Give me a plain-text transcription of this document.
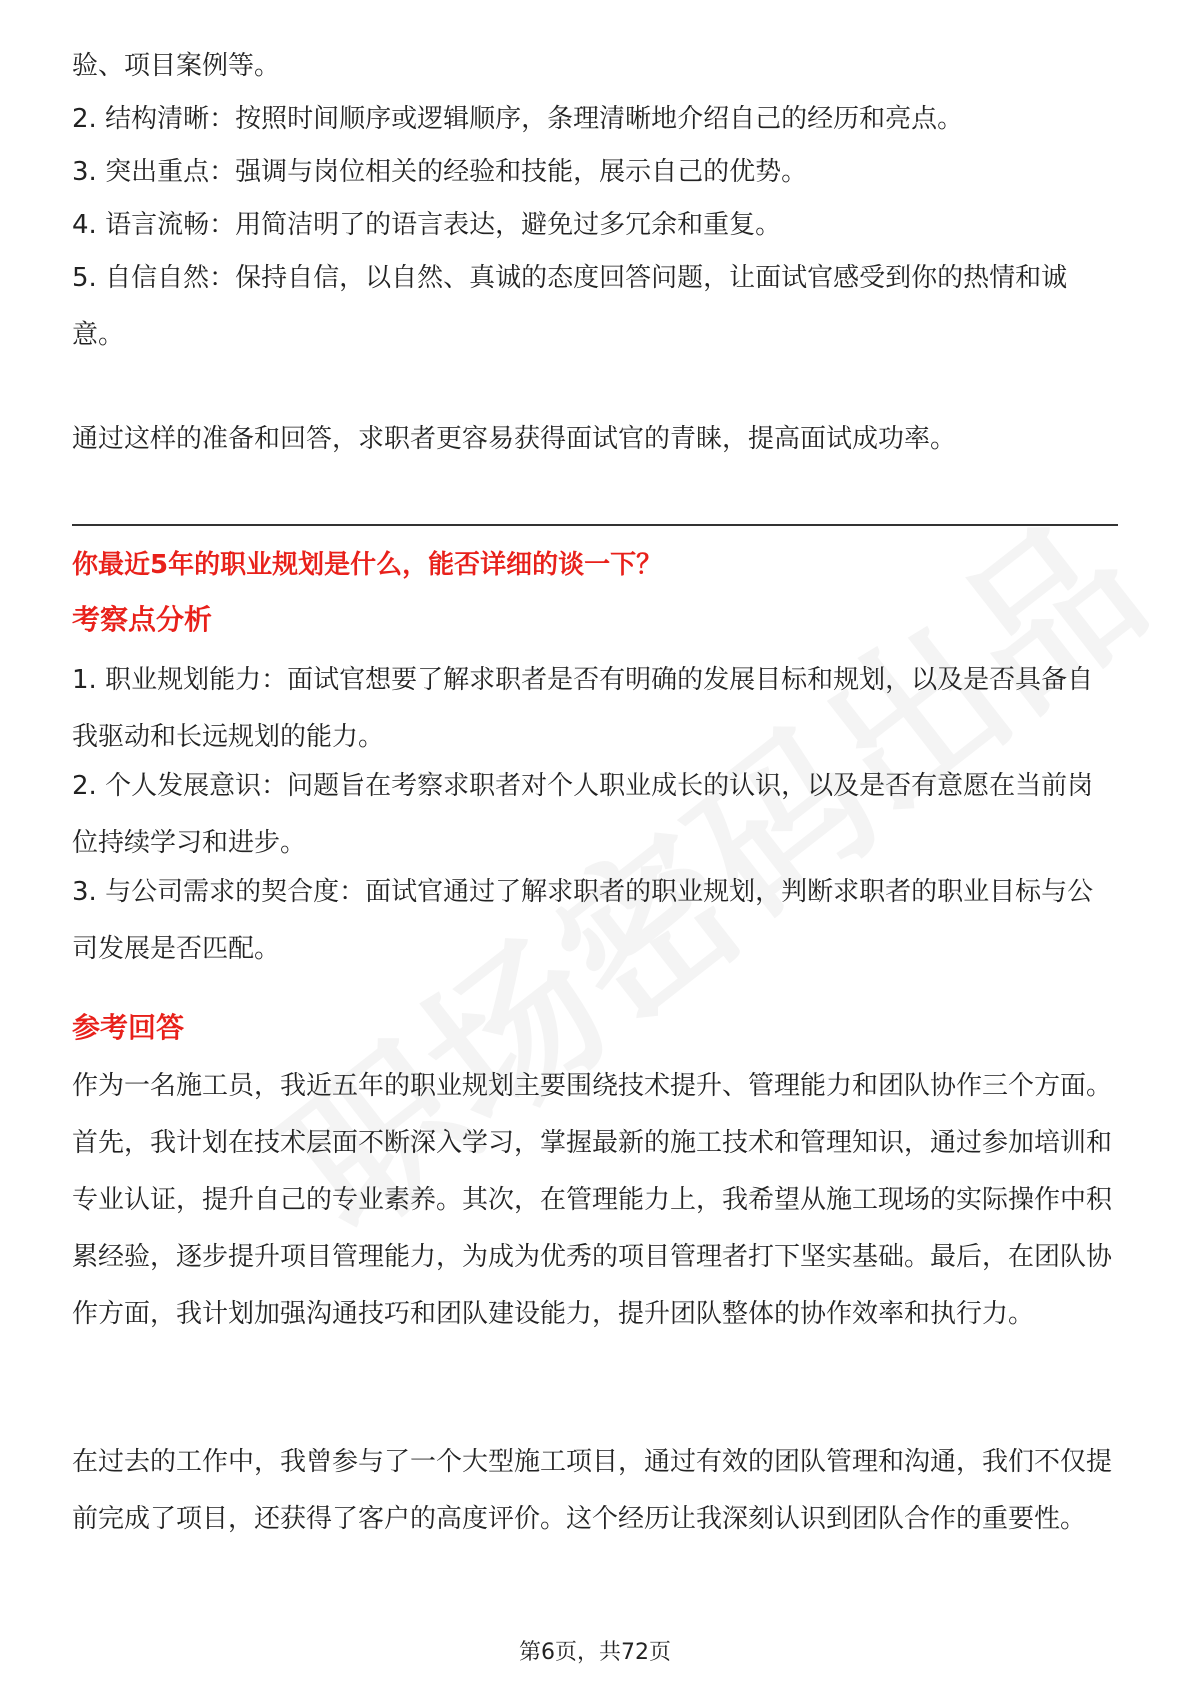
验、项目案例等。

2. 结构清晰：按照时间顺序或逻辑顺序，条理清晰地介绍自己的经历和亮点。

3. 突出重点：强调与岗位相关的经验和技能，展示自己的优势。

4. 语言流畅：用简洁明了的语言表达，避免过多冗余和重复。

5. 自信自然：保持自信，以自然、真诚的态度回答问题，让面试官感受到你的热情和诚意。

通过这样的准备和回答，求职者更容易获得面试官的青睐，提高面试成功率。

你最近5年的职业规划是什么，能否详细的谈一下？
考察点分析

1. 职业规划能力：面试官想要了解求职者是否有明确的发展目标和规划，以及是否具备自我驱动和长远规划的能力。

2. 个人发展意识：问题旨在考察求职者对个人职业成长的认识，以及是否有意愿在当前岗位持续学习和进步。

3. 与公司需求的契合度：面试官通过了解求职者的职业规划，判断求职者的职业目标与公司发展是否匹配。

参考回答

作为一名施工员，我近五年的职业规划主要围绕技术提升、管理能力和团队协作三个方面。首先，我计划在技术层面不断深入学习，掌握最新的施工技术和管理知识，通过参加培训和专业认证，提升自己的专业素养。其次，在管理能力上，我希望从施工现场的实际操作中积累经验，逐步提升项目管理能力，为成为优秀的项目管理者打下坚实基础。最后，在团队协作方面，我计划加强沟通技巧和团队建设能力，提升团队整体的协作效率和执行力。

在过去的工作中，我曾参与了一个大型施工项目，通过有效的团队管理和沟通，我们不仅提前完成了项目，还获得了客户的高度评价。这个经历让我深刻认识到团队合作的重要性。

第6页，共72页
